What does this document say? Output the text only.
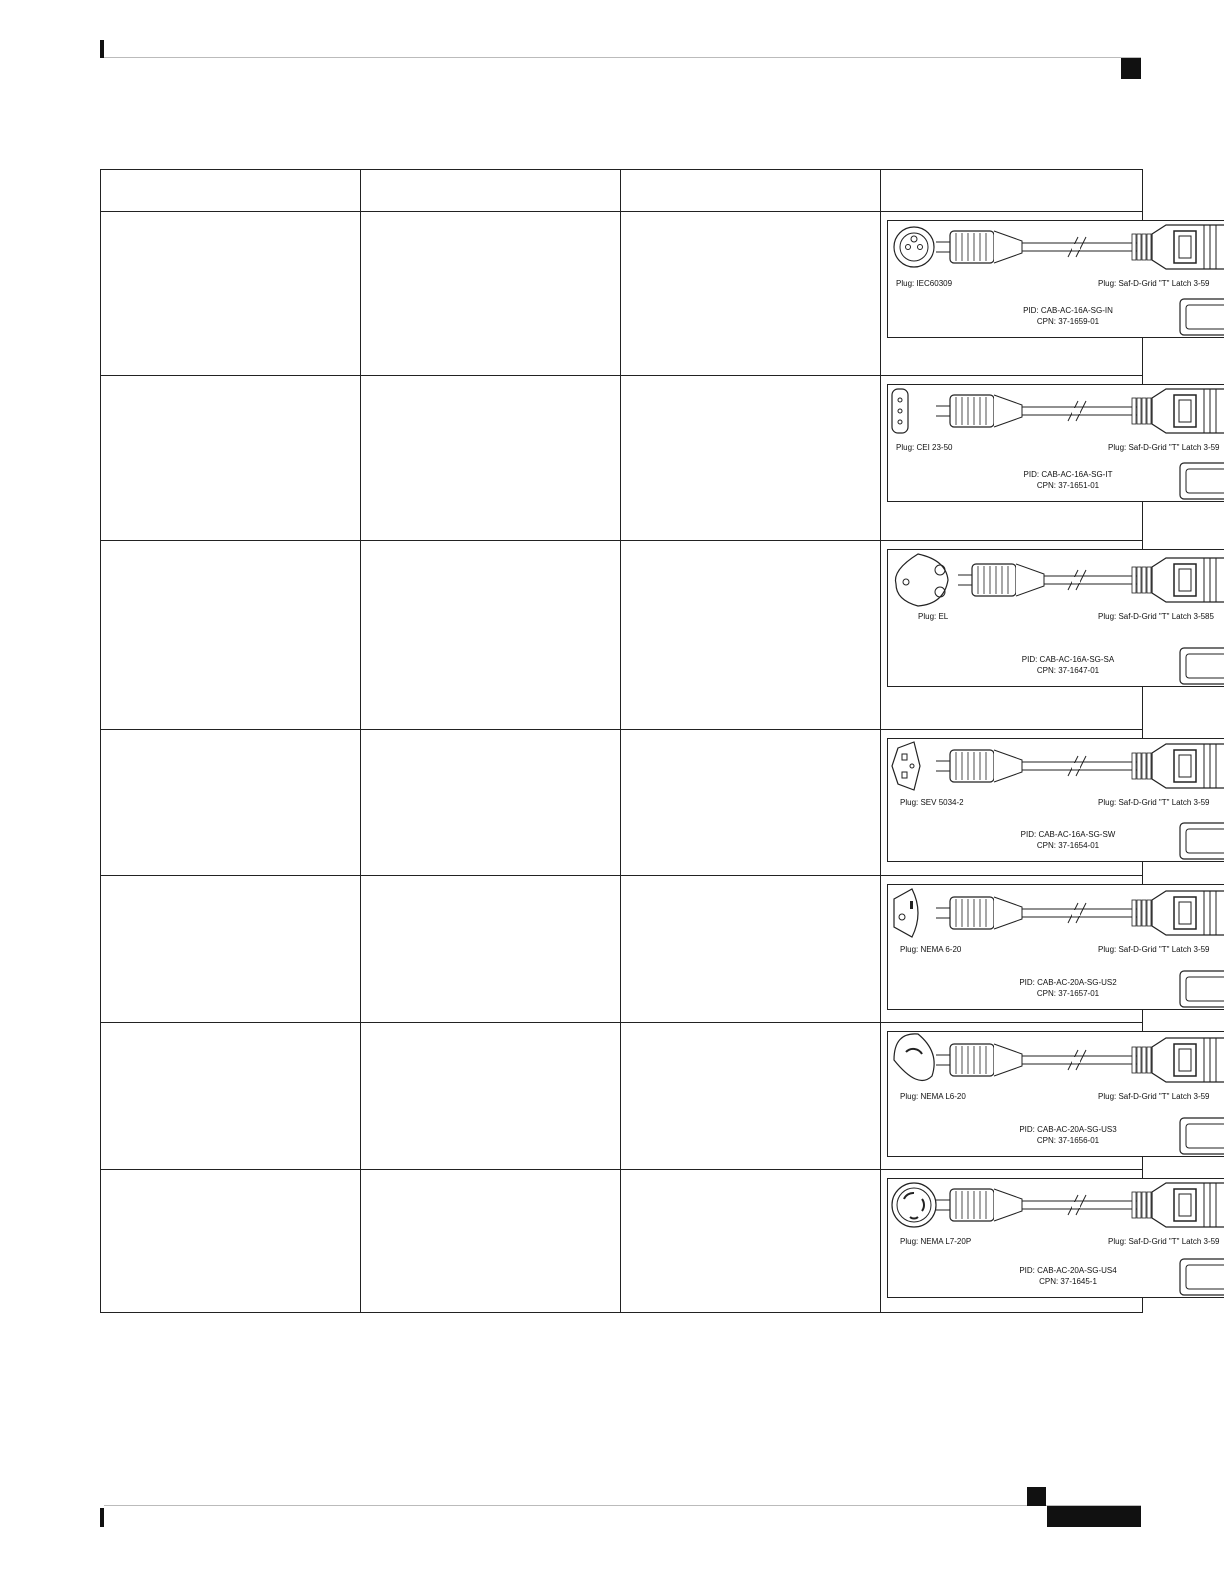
			Plug: IEC60309 Plug: Saf-D-Grid "T" Latch 3-59
PID: CAB-AC-16A-SG-IN
CPN: 37-1659-01

			Plug: CEI 23-50 Plug: Saf-D-Grid "T" Latch 3-59
PID: CAB-AC-16A-SG-IT
CPN: 37-1651-01

			Plug: EL Plug: Saf-D-Grid "T" Latch 3-585
PID: CAB-AC-16A-SG-SA
CPN: 37-1647-01

			Plug: SEV 5034-2 Plug: Saf-D-Grid "T" Latch 3-59
PID: CAB-AC-16A-SG-SW
CPN: 37-1654-01

			Plug: NEMA 6-20 Plug: Saf-D-Grid "T" Latch 3-59
PID: CAB-AC-20A-SG-US2
CPN: 37-1657-01

			Plug: NEMA L6-20 Plug: Saf-D-Grid "T" Latch 3-59
PID: CAB-AC-20A-SG-US3
CPN: 37-1656-01

			Plug: NEMA L7-20P Plug: Saf-D-Grid "T" Latch 3-59
PID: CAB-AC-20A-SG-US4
CPN: 37-1645-1
